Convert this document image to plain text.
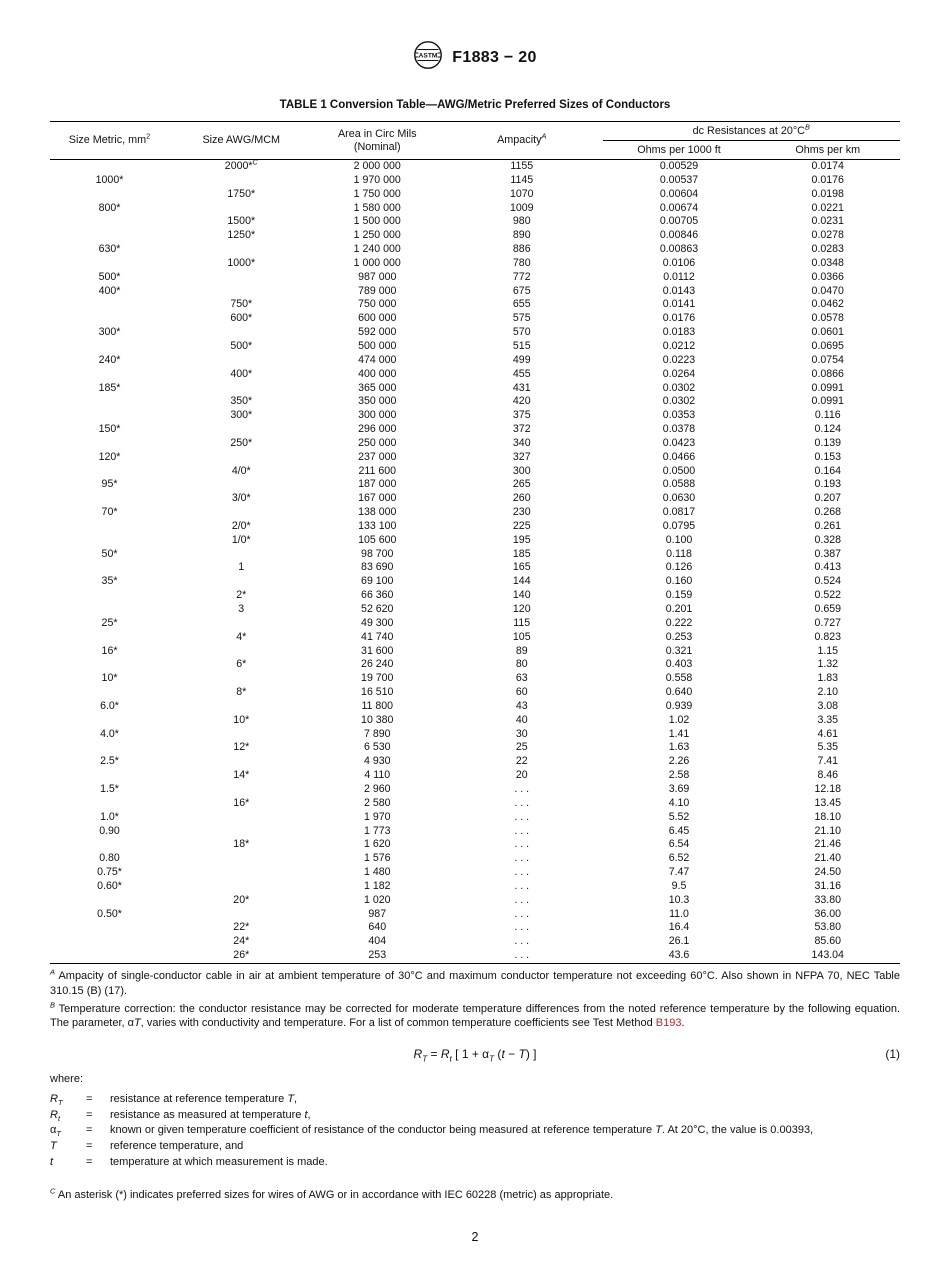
ASTM F1883 − 20
TABLE 1 Conversion Table—AWG/Metric Preferred Sizes of Conductors
Size Metric, $mm^2$	Size AWG/MCM	Area in Circ Mils
(Nominal)	Ampacity$^A$	dc Resistances at $20^\circ C^B$
				Ohms per 1000 ft	Ohms per km
	2000*$^C$	2 000 000	1155	0.00529	0.0174
1000*		1 970 000	1145	0.00537	0.0176
	1750*	1 750 000	1070	0.00604	0.0198
800*		1 580 000	1009	0.00674	0.0221
	1500*	1 500 000	980	0.00705	0.0231
	1250*	1 250 000	890	0.00846	0.0278
630*		1 240 000	886	0.00863	0.0283
	1000*	1 000 000	780	0.0106	0.0348
500*		987 000	772	0.0112	0.0366
400*		789 000	675	0.0143	0.0470
	750*	750 000	655	0.0141	0.0462
	600*	600 000	575	0.0176	0.0578
300*		592 000	570	0.0183	0.0601
	500*	500 000	515	0.0212	0.0695
240*		474 000	499	0.0223	0.0754
	400*	400 000	455	0.0264	0.0866
185*		365 000	431	0.0302	0.0991
	350*	350 000	420	0.0302	0.0991
	300*	300 000	375	0.0353	0.116
150*		296 000	372	0.0378	0.124
	250*	250 000	340	0.0423	0.139
120*		237 000	327	0.0466	0.153
	4/0*	211 600	300	0.0500	0.164
95*		187 000	265	0.0588	0.193
	3/0*	167 000	260	0.0630	0.207
70*		138 000	230	0.0817	0.268
	2/0*	133 100	225	0.0795	0.261
	1/0*	105 600	195	0.100	0.328
50*		98 700	185	0.118	0.387
	1	83 690	165	0.126	0.413
35*		69 100	144	0.160	0.524
	2*	66 360	140	0.159	0.522
	3	52 620	120	0.201	0.659
25*		49 300	115	0.222	0.727
	4*	41 740	105	0.253	0.823
16*		31 600	89	0.321	1.15
	6*	26 240	80	0.403	1.32
10*		19 700	63	0.558	1.83
	8*	16 510	60	0.640	2.10
6.0*		11 800	43	0.939	3.08
	10*	10 380	40	1.02	3.35
4.0*		7 890	30	1.41	4.61
	12*	6 530	25	1.63	5.35
2.5*		4 930	22	2.26	7.41
	14*	4 110	20	2.58	8.46
1.5*		2 960	. . .	3.69	12.18
	16*	2 580	. . .	4.10	13.45
1.0*		1 970	. . .	5.52	18.10
0.90		1 773	. . .	6.45	21.10
	18*	1 620	. . .	6.54	21.46
0.80		1 576	. . .	6.52	21.40
0.75*		1 480	. . .	7.47	24.50
0.60*		1 182	. . .	9.5	31.16
	20*	1 020	. . .	10.3	33.80
0.50*		987	. . .	11.0	36.00
	22*	640	. . .	16.4	53.80
	24*	404	. . .	26.1	85.60
	26*	253	. . .	43.6	143.04

$^A$ Ampacity of single-conductor cable in air at ambient temperature of 30°C and maximum conductor temperature not exceeding 60°C. Also shown in NFPA 70, NEC Table 310.15 (B) (17).

$^B$ Temperature correction: the conductor resistance may be corrected for moderate temperature differences from the noted reference temperature by the following equation. The parameter, αT, varies with conductivity and temperature. For a list of common temperature coefficients see Test Method B193.

$R_T = R_t$ [ $1 + \alpha_T$ (t − T) ]	(1)
where:
$R_T$	=	resistance at reference temperature T,
$R_t$	=	resistance as measured at temperature t,
$\alpha_T$	=	known or given temperature coefficient of resistance of the conductor being measured at reference temperature T. At 20°C, the value is 0.00393,
T	=	reference temperature, and
t	=	temperature at which measurement is made.

$^C$ An asterisk (*) indicates preferred sizes for wires of AWG or in accordance with IEC 60228 (metric) as appropriate.

2
